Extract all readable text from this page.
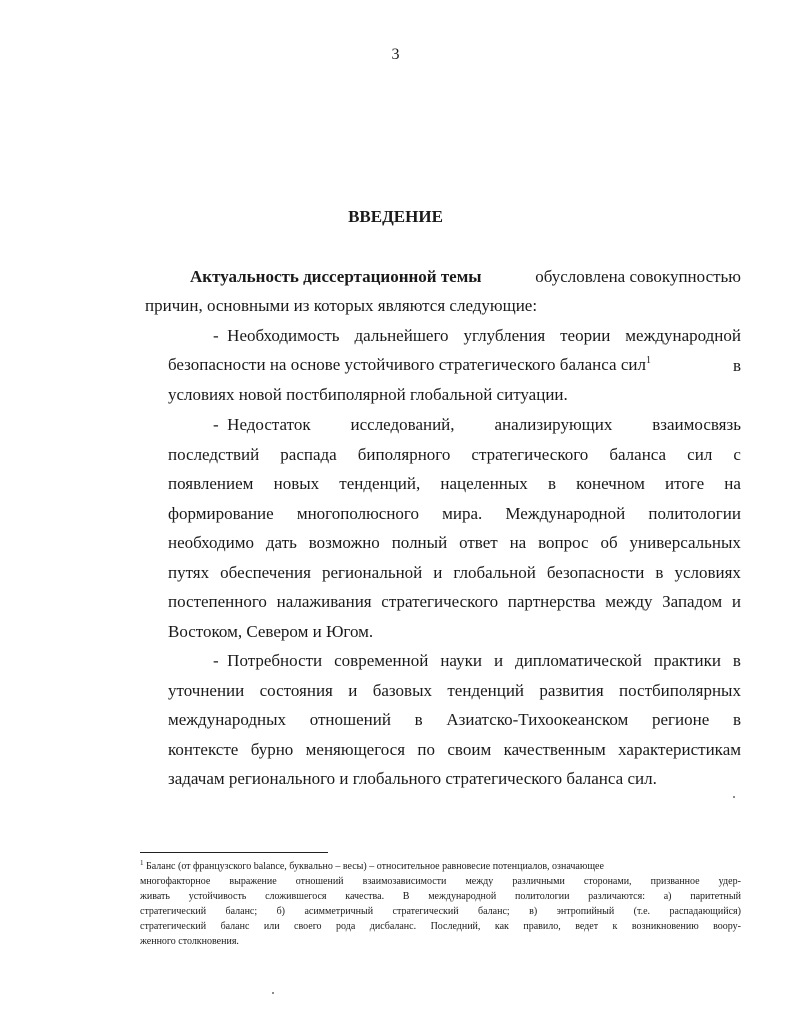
3
ВВЕДЕНИЕ
Актуальность диссертационной темы	обусловлена совокупностью
причин, основными из которых являются следующие:
-  Необходимость дальнейшего углубления теории международной
безопасности на основе устойчивого стратегического баланса сил$^1$	в
условиях новой постбиполярной глобальной ситуации.
-  Недостаток исследований, анализирующих взаимосвязь
последствий распада биполярного стратегического баланса сил с
появлением новых тенденций, нацеленных в конечном итоге на
формирование многополюсного мира. Международной политологии
необходимо дать возможно полный ответ на вопрос об универсальных
путях обеспечения региональной и глобальной безопасности в условиях
постепенного налаживания стратегического партнерства между Западом и
Востоком, Севером и Югом.
-  Потребности современной науки и дипломатической практики в
уточнении состояния и базовых тенденций развития постбиполярных
международных отношений в Азиатско-Тихоокеанском регионе в
контексте бурно меняющегося по своим качественным характеристикам
задачам регионального и глобального стратегического баланса сил.
$^1$ Баланс (от французского balance, буквально – весы) – относительное равновесие потенциалов, означающее
многофакторное выражение отношений взаимозависимости между различными сторонами, призванное удер-
живать устойчивость сложившегося качества. В международной политологии различаются: а) паритетный
стратегический баланс; б) асимметричный стратегический баланс; в) энтропийный (т.е. распадающийся)
стратегический баланс или своего рода дисбаланс. Последний, как правило, ведет к возникновению воору-
женного столкновения.
